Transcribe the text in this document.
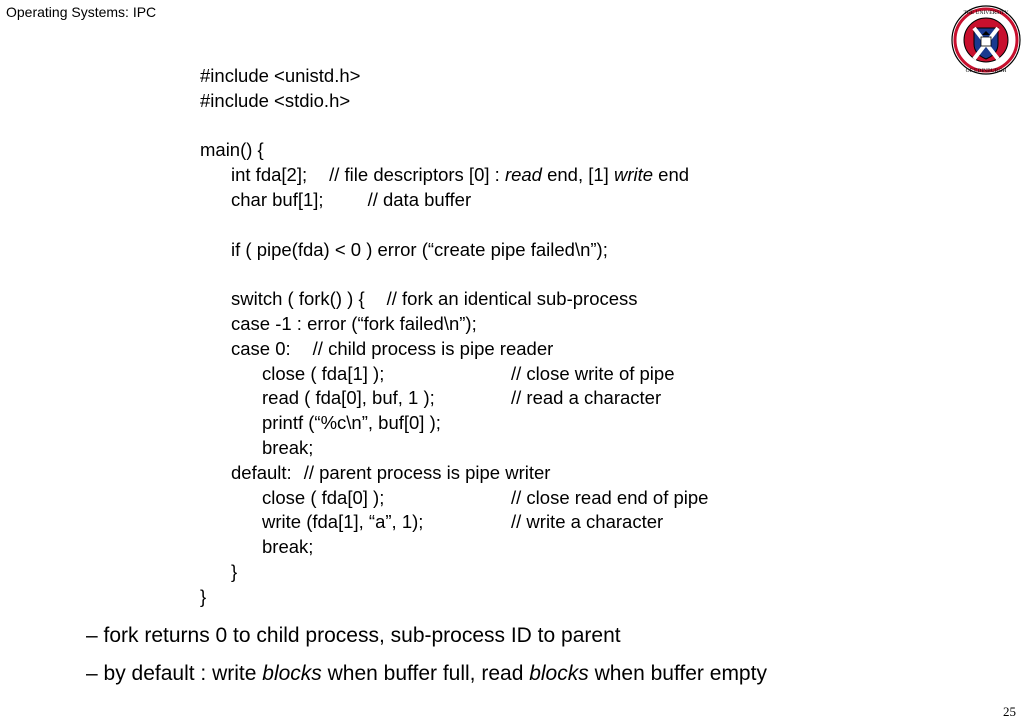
Operating Systems: IPC	THE UNIVERSITY
OF EDINBURGH
#include <unistd.h>
#include <stdio.h>
main() {
int fda[2]; // file descriptors [0] : read end, [1] write end
char buf[1]; // data buffer
if ( pipe(fda) < 0 ) error (“create pipe failed\n”);
switch ( fork() ) { // fork an identical sub-process
case -1 : error (“fork failed\n”);
case 0: // child process is pipe reader
close ( fda[1] );	// close write of pipe
read ( fda[0], buf, 1 );	// read a character
printf (“%c\n”, buf[0] );
break;
default: // parent process is pipe writer
close ( fda[0] );	// close read end of pipe
write (fda[1], “a”, 1);	// write a character
break;
}
}
– fork returns 0 to child process, sub-process ID to parent
– by default : write blocks when buffer full, read blocks when buffer empty
25
